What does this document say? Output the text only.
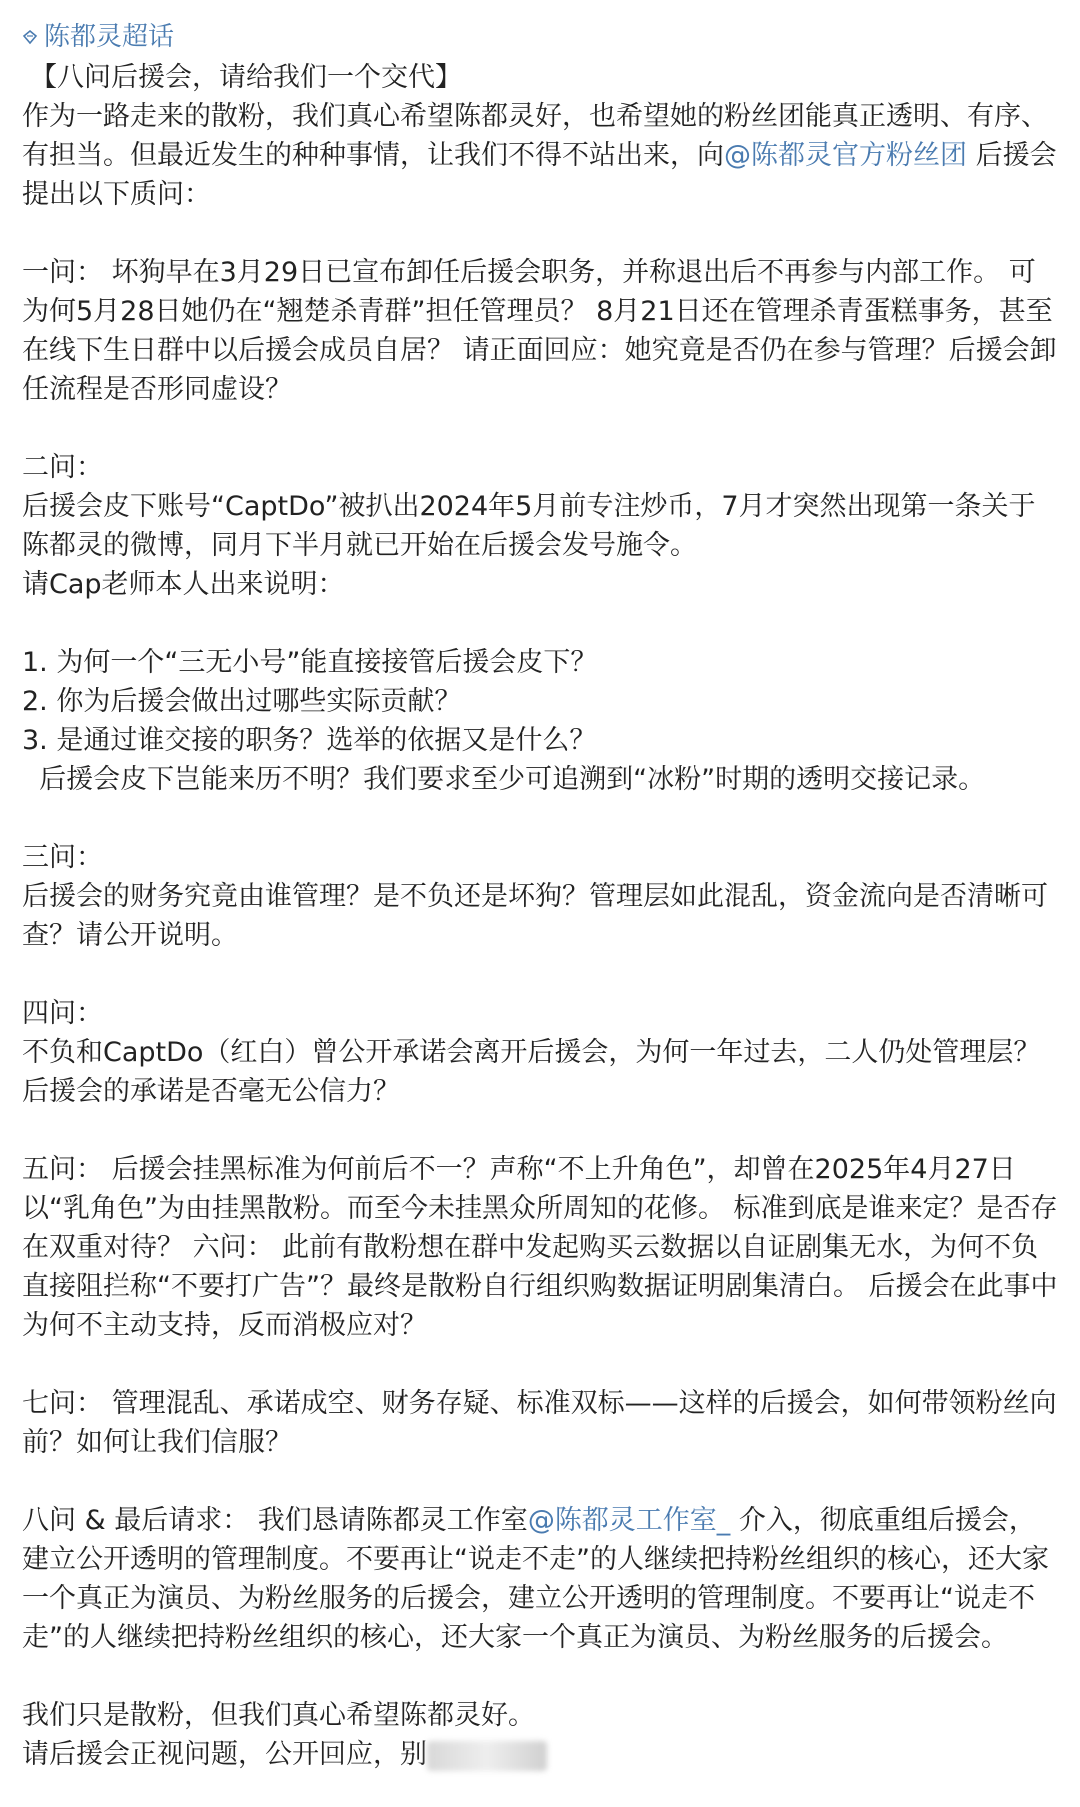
陈都灵超话

【八问后援会，请给我们一个交代】

作为一路走来的散粉，我们真心希望陈都灵好，也希望她的粉丝团能真正透明、有序、有担当。但最近发生的种种事情，让我们不得不站出来，向@陈都灵官方粉丝团 后援会提出以下质问：

一问： 坏狗早在3月29日已宣布卸任后援会职务，并称退出后不再参与内部工作。 可为何5月28日她仍在“翘楚杀青群”担任管理员？ 8月21日还在管理杀青蛋糕事务，甚至在线下生日群中以后援会成员自居？ 请正面回应：她究竟是否仍在参与管理？后援会卸任流程是否形同虚设？

二问：

后援会皮下账号“CaptDo”被扒出2024年5月前专注炒币，7月才突然出现第一条关于陈都灵的微博，同月下半月就已开始在后援会发号施令。

请Cap老师本人出来说明：

1. 为何一个“三无小号”能直接接管后援会皮下？

2. 你为后援会做出过哪些实际贡献？

3. 是通过谁交接的职务？选举的依据又是什么？

后援会皮下岂能来历不明？我们要求至少可追溯到“冰粉”时期的透明交接记录。

三问：

后援会的财务究竟由谁管理？是不负还是坏狗？管理层如此混乱，资金流向是否清晰可查？请公开说明。

四问：

不负和CaptDo（红白）曾公开承诺会离开后援会，为何一年过去，二人仍处管理层？后援会的承诺是否毫无公信力？

五问： 后援会挂黑标准为何前后不一？声称“不上升角色”，却曾在2025年4月27日以“乳角色”为由挂黑散粉。而至今未挂黑众所周知的花修。 标准到底是谁来定？是否存在双重对待？ 六问： 此前有散粉想在群中发起购买云数据以自证剧集无水，为何不负直接阻拦称“不要打广告”？最终是散粉自行组织购数据证明剧集清白。 后援会在此事中为何不主动支持，反而消极应对？

七问： 管理混乱、承诺成空、财务存疑、标准双标——这样的后援会，如何带领粉丝向前？如何让我们信服？

八问 & 最后请求： 我们恳请陈都灵工作室@陈都灵工作室_ 介入，彻底重组后援会，建立公开透明的管理制度。不要再让“说走不走”的人继续把持粉丝组织的核心，还大家一个真正为演员、为粉丝服务的后援会，建立公开透明的管理制度。不要再让“说走不走”的人继续把持粉丝组织的核心，还大家一个真正为演员、为粉丝服务的后援会。

我们只是散粉，但我们真心希望陈都灵好。

请后援会正视问题，公开回应，别
